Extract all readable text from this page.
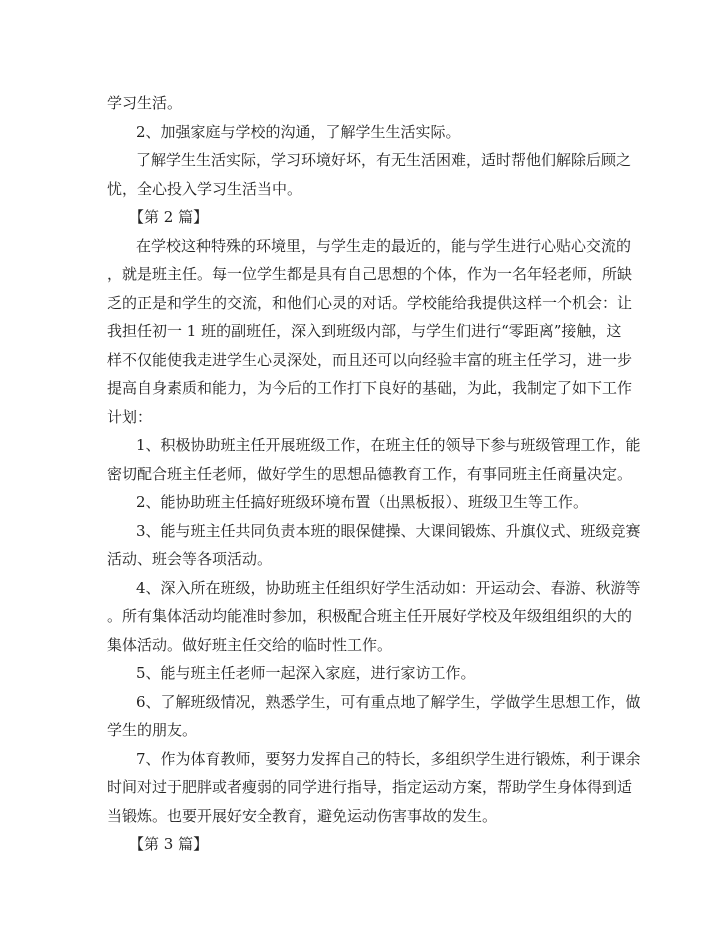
学习生活。
2、加强家庭与学校的沟通，了解学生生活实际。
了解学生生活实际，学习环境好坏，有无生活困难，适时帮他们解除后顾之
忧，全心投入学习生活当中。
【第 2 篇】
在学校这种特殊的环境里，与学生走的最近的，能与学生进行心贴心交流的
，就是班主任。每一位学生都是具有自己思想的个体，作为一名年轻老师，所缺
乏的正是和学生的交流，和他们心灵的对话。学校能给我提供这样一个机会：让
我担任初一 1 班的副班任，深入到班级内部，与学生们进行“零距离”接触，这
样不仅能使我走进学生心灵深处，而且还可以向经验丰富的班主任学习，进一步
提高自身素质和能力，为今后的工作打下良好的基础，为此，我制定了如下工作
计划：
1、积极协助班主任开展班级工作，在班主任的领导下参与班级管理工作，能
密切配合班主任老师，做好学生的思想品德教育工作，有事同班主任商量决定。
2、能协助班主任搞好班级环境布置（出黑板报）、班级卫生等工作。
3、能与班主任共同负责本班的眼保健操、大课间锻炼、升旗仪式、班级竞赛
活动、班会等各项活动。
4、深入所在班级，协助班主任组织好学生活动如：开运动会、春游、秋游等
。所有集体活动均能准时参加，积极配合班主任开展好学校及年级组组织的大的
集体活动。做好班主任交给的临时性工作。
5、能与班主任老师一起深入家庭，进行家访工作。
6、了解班级情况，熟悉学生，可有重点地了解学生，学做学生思想工作，做
学生的朋友。
7、作为体育教师，要努力发挥自己的特长，多组织学生进行锻炼，利于课余
时间对过于肥胖或者瘦弱的同学进行指导，指定运动方案，帮助学生身体得到适
当锻炼。也要开展好安全教育，避免运动伤害事故的发生。
【第 3 篇】
